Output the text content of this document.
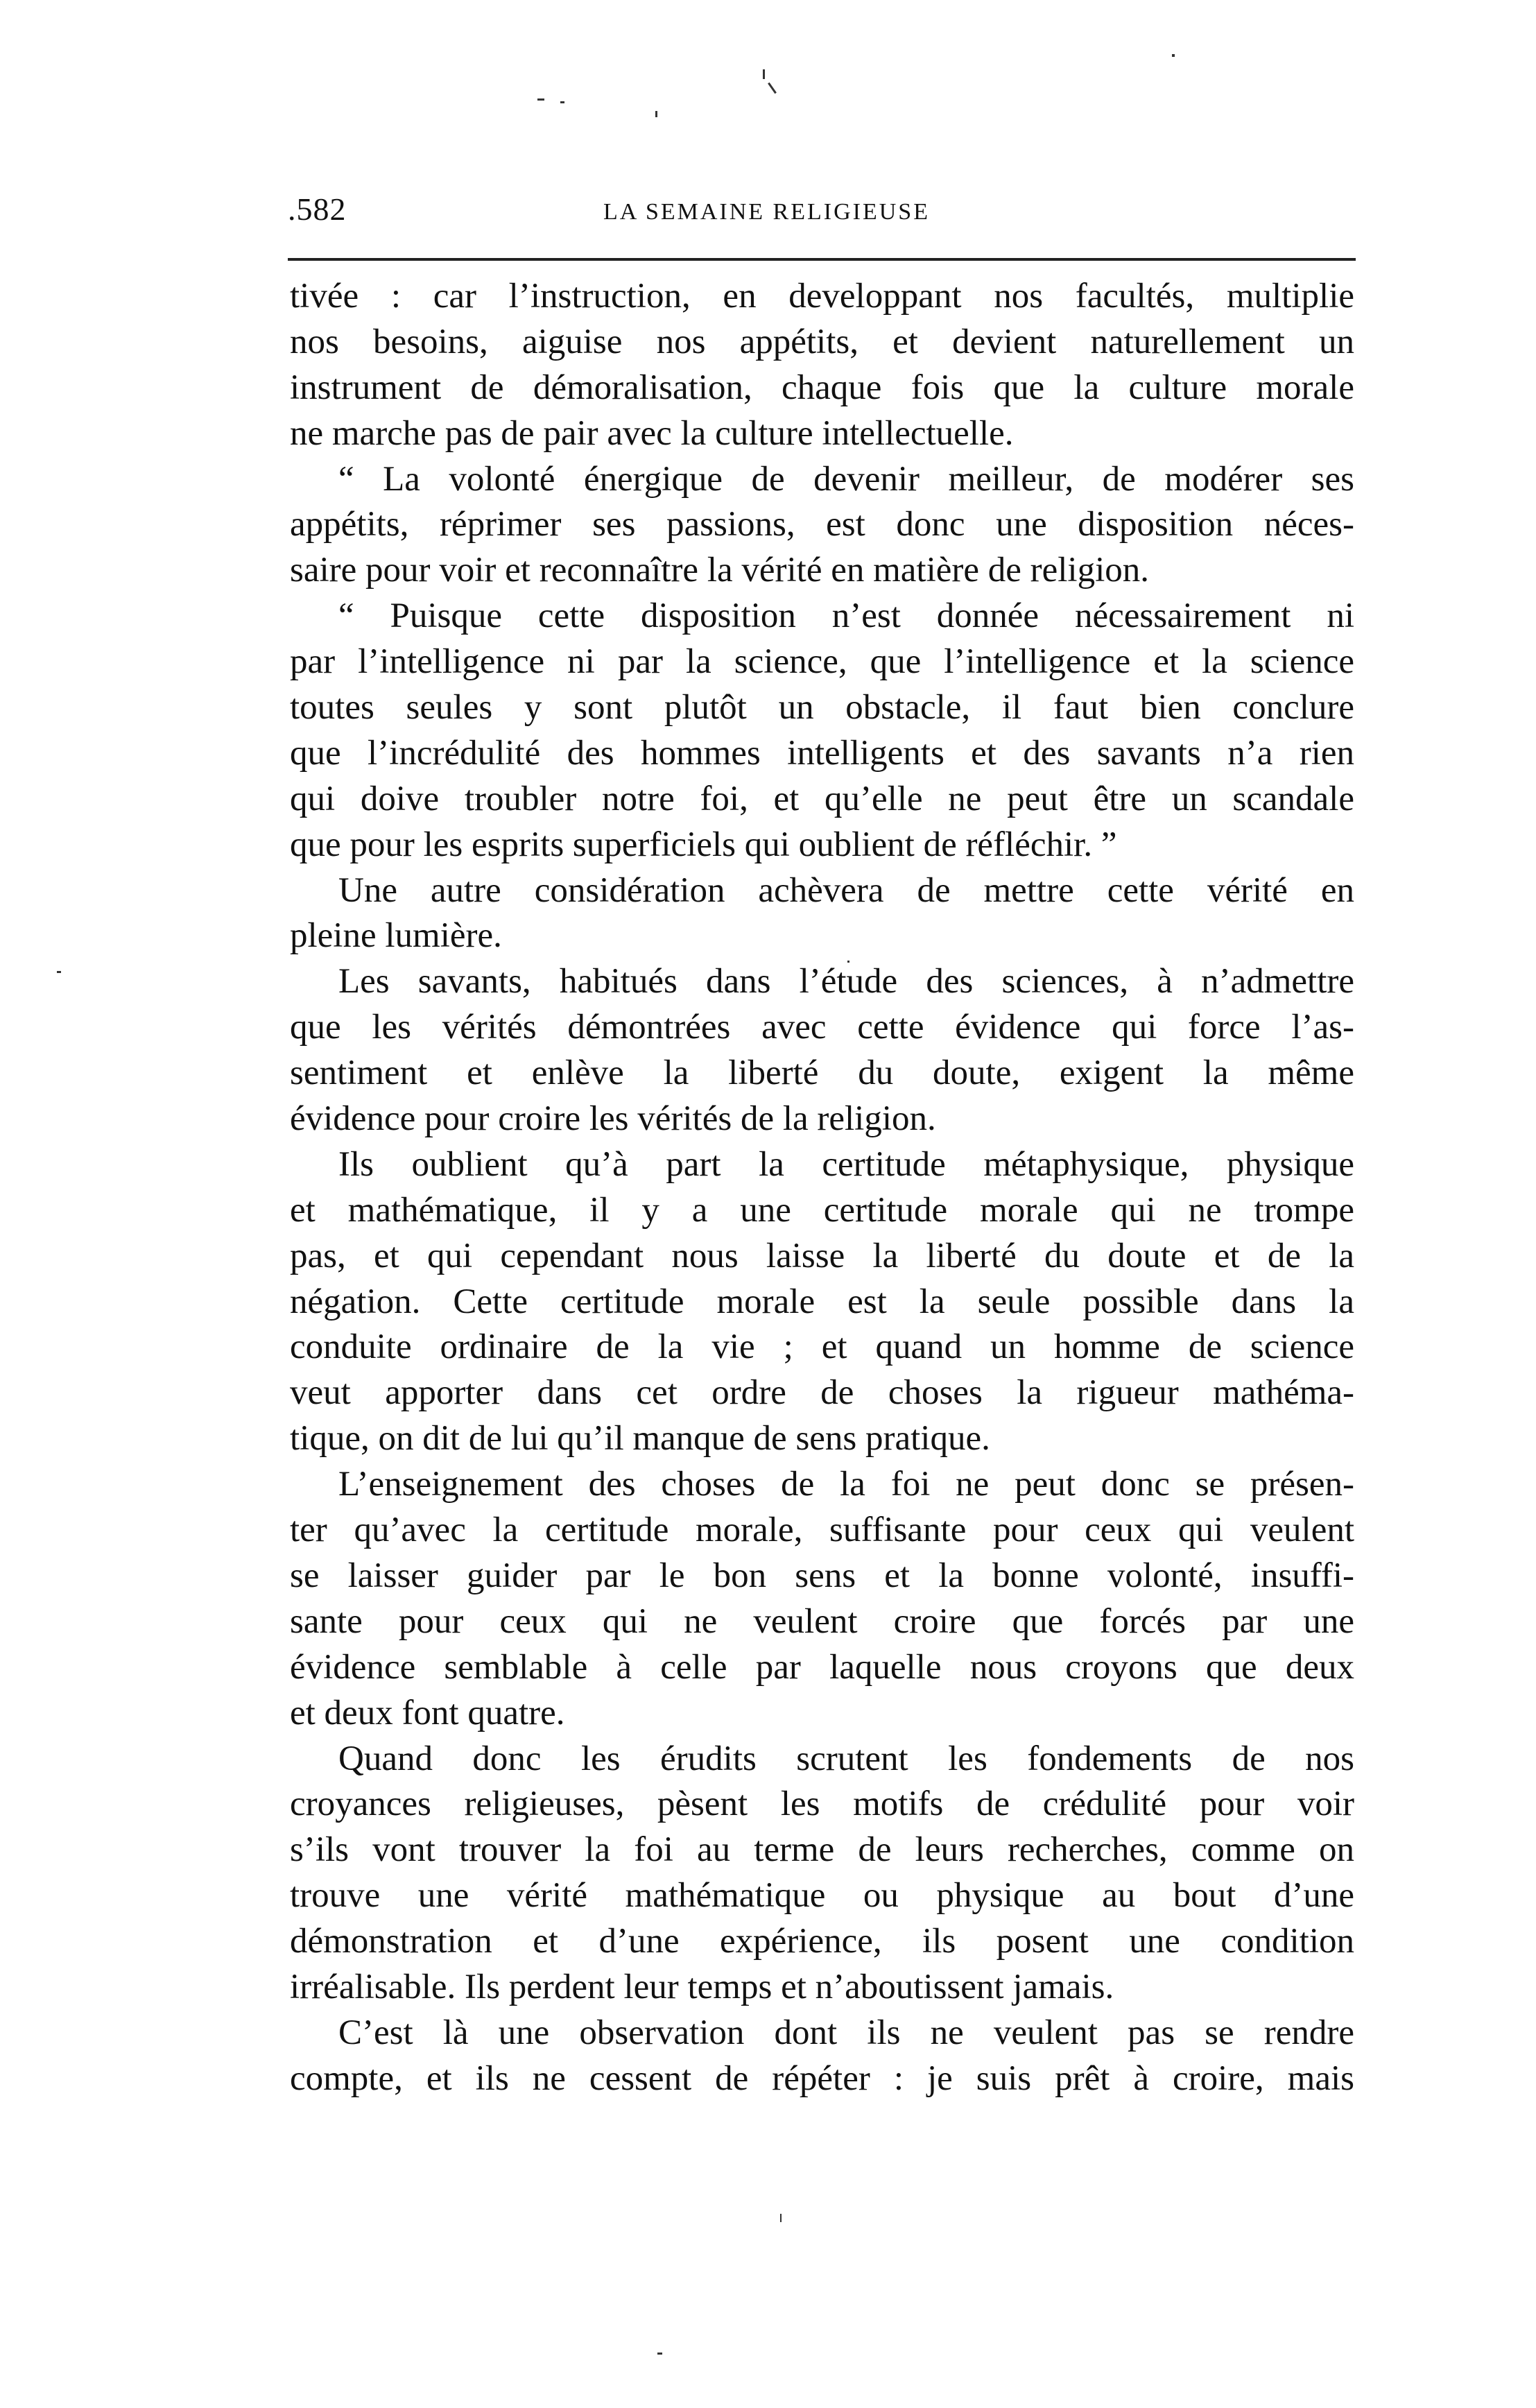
.582	LA SEMAINE RELIGIEUSE
tivée : car l’instruction, en developpant nos facultés, multiplie
nos besoins, aiguise nos appétits, et devient naturellement un
instrument de démoralisation, chaque fois que la culture morale
ne marche pas de pair avec la culture intellectuelle.
“ La volonté énergique de devenir meilleur, de modérer ses
appétits, réprimer ses passions, est donc une disposition néces-
saire pour voir et reconnaître la vérité en matière de religion.
“ Puisque cette disposition n’est donnée nécessairement ni
par l’intelligence ni par la science, que l’intelligence et la science
toutes seules y sont plutôt un obstacle, il faut bien conclure
que l’incrédulité des hommes intelligents et des savants n’a rien
qui doive troubler notre foi, et qu’elle ne peut être un scandale
que pour les esprits superficiels qui oublient de réfléchir. ”
Une autre considération achèvera de mettre cette vérité en
pleine lumière.
Les savants, habitués dans l’étude des sciences, à n’admettre
que les vérités démontrées avec cette évidence qui force l’as-
sentiment et enlève la liberté du doute, exigent la même
évidence pour croire les vérités de la religion.
Ils oublient qu’à part la certitude métaphysique, physique
et mathématique, il y a une certitude morale qui ne trompe
pas, et qui cependant nous laisse la liberté du doute et de la
négation. Cette certitude morale est la seule possible dans la
conduite ordinaire de la vie ; et quand un homme de science
veut apporter dans cet ordre de choses la rigueur mathéma-
tique, on dit de lui qu’il manque de sens pratique.
L’enseignement des choses de la foi ne peut donc se présen-
ter qu’avec la certitude morale, suffisante pour ceux qui veulent
se laisser guider par le bon sens et la bonne volonté, insuffi-
sante pour ceux qui ne veulent croire que forcés par une
évidence semblable à celle par laquelle nous croyons que deux
et deux font quatre.
Quand donc les érudits scrutent les fondements de nos
croyances religieuses, pèsent les motifs de crédulité pour voir
s’ils vont trouver la foi au terme de leurs recherches, comme on
trouve une vérité mathématique ou physique au bout d’une
démonstration et d’une expérience, ils posent une condition
irréalisable. Ils perdent leur temps et n’aboutissent jamais.
C’est là une observation dont ils ne veulent pas se rendre
compte, et ils ne cessent de répéter : je suis prêt à croire, mais
